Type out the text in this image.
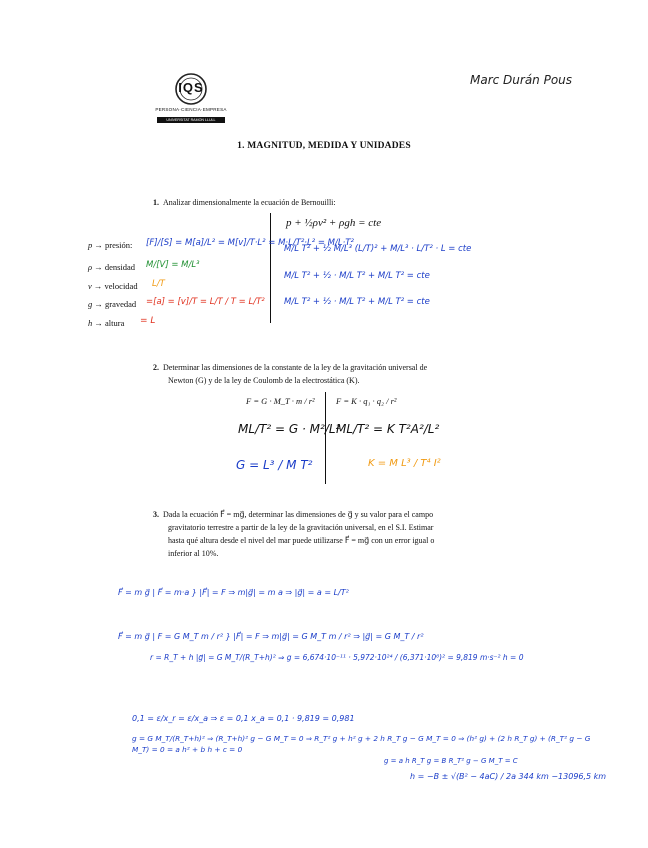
IQS
PERSONA·CIENCIA·EMPRESA
UNIVERSITAT RAMON LLULL
Marc Durán Pous
1. MAGNITUD, MEDIDA Y UNIDADES
1. Analizar dimensionalmente la ecuación de Bernouilli:
p + ½ρv² + ρgh = cte
p → presión: [F]/[S] = M[a]/L² = M[v]/T·L² = M·L/T²·L² = M/L·T²
ρ → densidad M/[V] = M/L³
v → velocidad L/T
g → gravedad =[a] = [v]/T = L/T / T = L/T²
h → altura = L
M/L T² + ½ M/L³ (L/T)² + M/L³ · L/T² · L = cte
M/L T² + ½ · M/L T² + M/L T² = cte
M/L T² + ½ · M/L T² + M/L T² = cte
2. Determinar las dimensiones de la constante de la ley de la gravitación universal de
Newton (G) y de la ley de Coulomb de la electrostática (K).
F = G · M_T · m / r²	F = K · q₁ · q₂ / r²
ML/T² = G · M²/L²
ML/T² = K T²A²/L²
G = L³ / M T²	K = M L³ / T⁴ I²
3. Dada la ecuación F⃗ = mg⃗, determinar las dimensiones de g⃗ y su valor para el campo
gravitatorio terrestre a partir de la ley de la gravitación universal, en el S.I. Estimar
hasta qué altura desde el nivel del mar puede utilizarse F⃗ = mg⃗ con un error igual o
inferior al 10%.
F⃗ = m g⃗ | F⃗ = m·a } |F⃗| = F ⇒ m|g⃗| = m a ⇒ |g⃗| = a = L/T²
F⃗ = m g⃗ | F = G M_T m / r² } |F⃗| = F ⇒ m|g⃗| = G M_T m / r² ⇒ |g⃗| = G M_T / r²
r = R_T + h |g⃗| = G M_T/(R_T+h)² ⇒ g = 6,674·10⁻¹¹ · 5,972·10²⁴ / (6,371·10⁶)² = 9,819 m·s⁻² h = 0
0,1 = ε/x_r = ε/x_a ⇒ ε = 0,1 x_a = 0,1 · 9,819 = 0,981
g = G M_T/(R_T+h)² ⇒ (R_T+h)² g − G M_T = 0 ⇒ R_T² g + h² g + 2 h R_T g − G M_T = 0 ⇒ (h² g) + (2 h R_T g) + (R_T² g − G M_T) = 0 = a h² + b h + c = 0
g = a h R_T g = B R_T² g − G M_T = C
h = −B ± √(B² − 4aC) / 2a 344 km −13096,5 km
